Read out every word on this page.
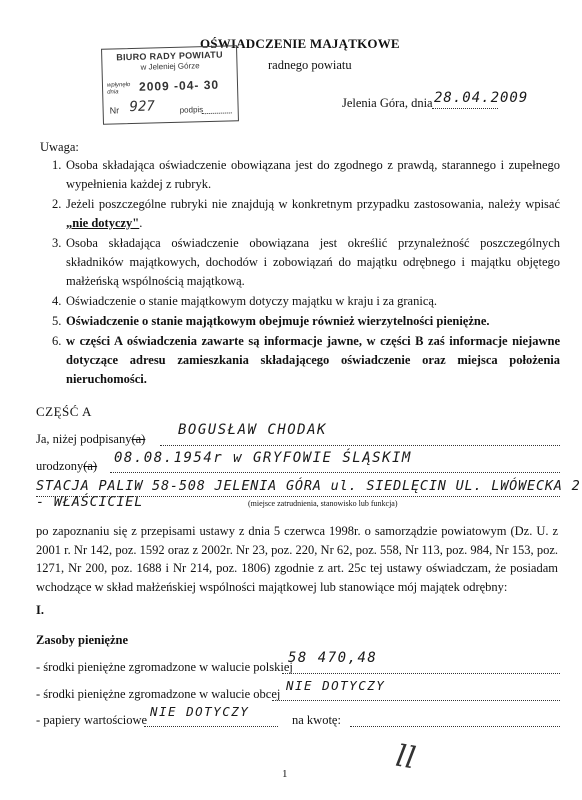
OŚWIADCZENIE MAJĄTKOWE
radnego powiatu
BIURO RADY POWIATU
w Jeleniej Górze
wpłynęło dnia	2009 -04- 30
Nr 927	podpis	Jelenia Góra, dnia 28.04.2009
Uwaga:
1. Osoba składająca oświadczenie obowiązana jest do zgodnego z prawdą, starannego i zupełnego wypełnienia każdej z rubryk.
2. Jeżeli poszczególne rubryki nie znajdują w konkretnym przypadku zastosowania, należy wpisać „nie dotyczy".
3. Osoba składająca oświadczenie obowiązana jest określić przynależność poszczególnych składników majątkowych, dochodów i zobowiązań do majątku odrębnego i majątku objętego małżeńską wspólnością majątkową.
4. Oświadczenie o stanie majątkowym dotyczy majątku w kraju i za granicą.
5. Oświadczenie o stanie majątkowym obejmuje również wierzytelności pieniężne.
6. w części A oświadczenia zawarte są informacje jawne, w części B zaś informacje niejawne dotyczące adresu zamieszkania składającego oświadczenie oraz miejsca położenia nieruchomości.
CZĘŚĆ A
Ja, niżej podpisany(a)
BOGUSŁAW CHODAK
urodzony(a) 08.08.1954r w GRYFOWIE ŚLĄSKIM
STACJA PALIW 58-508 JELENIA GÓRA ul. SIEDLĘCIN UL. LWÓWECKA 2 - WŁAŚCICIEL	(miejsce zatrudnienia, stanowisko lub funkcja)
po zapoznaniu się z przepisami ustawy z dnia 5 czerwca 1998r. o samorządzie powiatowym (Dz. U. z 2001 r. Nr 142, poz. 1592 oraz z 2002r. Nr 23, poz. 220, Nr 62, poz. 558, Nr 113, poz. 984, Nr 153, poz. 1271, Nr 200, poz. 1688 i Nr 214, poz. 1806) zgodnie z art. 25c tej ustawy oświadczam, że posiadam wchodzące w skład małżeńskiej wspólności majątkowej lub stanowiące mój majątek odrębny:
I.
Zasoby pieniężne
- środki pieniężne zgromadzone w walucie polskiej
58 470,48
- środki pieniężne zgromadzone w walucie obcej
NIE DOTYCZY
- papiery wartościowe
NIE DOTYCZY
na kwotę:
1	ll
